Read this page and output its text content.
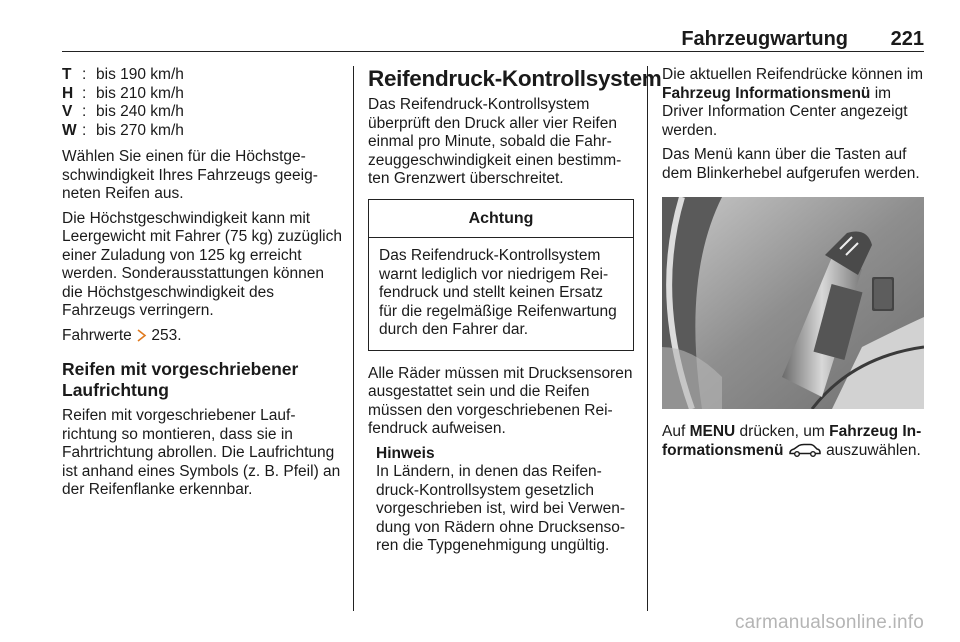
Fahrzeugwartung 221
T : bis 190 km/h
H : bis 210 km/h
V : bis 240 km/h
W : bis 270 km/h

Wählen Sie einen für die Höchstgeschwindigkeit Ihres Fahrzeugs geeigneten Reifen aus.

Die Höchstgeschwindigkeit kann mit Leergewicht mit Fahrer (75 kg) zuzüglich einer Zuladung von 125 kg erreicht werden. Sonderausstattungen können die Höchstgeschwindigkeit des Fahrzeugs verringern.

Fahrwerte 253.

Reifen mit vorgeschriebener Laufrichtung

Reifen mit vorgeschriebener Laufrichtung so montieren, dass sie in Fahrtrichtung abrollen. Die Laufrichtung ist anhand eines Symbols (z. B. Pfeil) an der Reifenflanke erkennbar.

Reifendruck-Kontrollsystem

Das Reifendruck-Kontrollsystem überprüft den Druck aller vier Reifen einmal pro Minute, sobald die Fahrzeuggeschwindigkeit einen bestimmten Grenzwert überschreitet.

Achtung
Das Reifendruck-Kontrollsystem warnt lediglich vor niedrigem Reifendruck und stellt keinen Ersatz für die regelmäßige Reifenwartung durch den Fahrer dar.

Alle Räder müssen mit Drucksensoren ausgestattet sein und die Reifen müssen den vorgeschriebenen Reifendruck aufweisen.

Hinweis
In Ländern, in denen das Reifendruck-Kontrollsystem gesetzlich vorgeschrieben ist, wird bei Verwendung von Rädern ohne Drucksensoren die Typgenehmigung ungültig.

Die aktuellen Reifendrücke können im Fahrzeug Informationsmenü im Driver Information Center angezeigt werden.

Das Menü kann über die Tasten auf dem Blinkerhebel aufgerufen werden.

Auf MENU drücken, um Fahrzeug Informationsmenü	auszuwählen.

carmanualsonline.info
